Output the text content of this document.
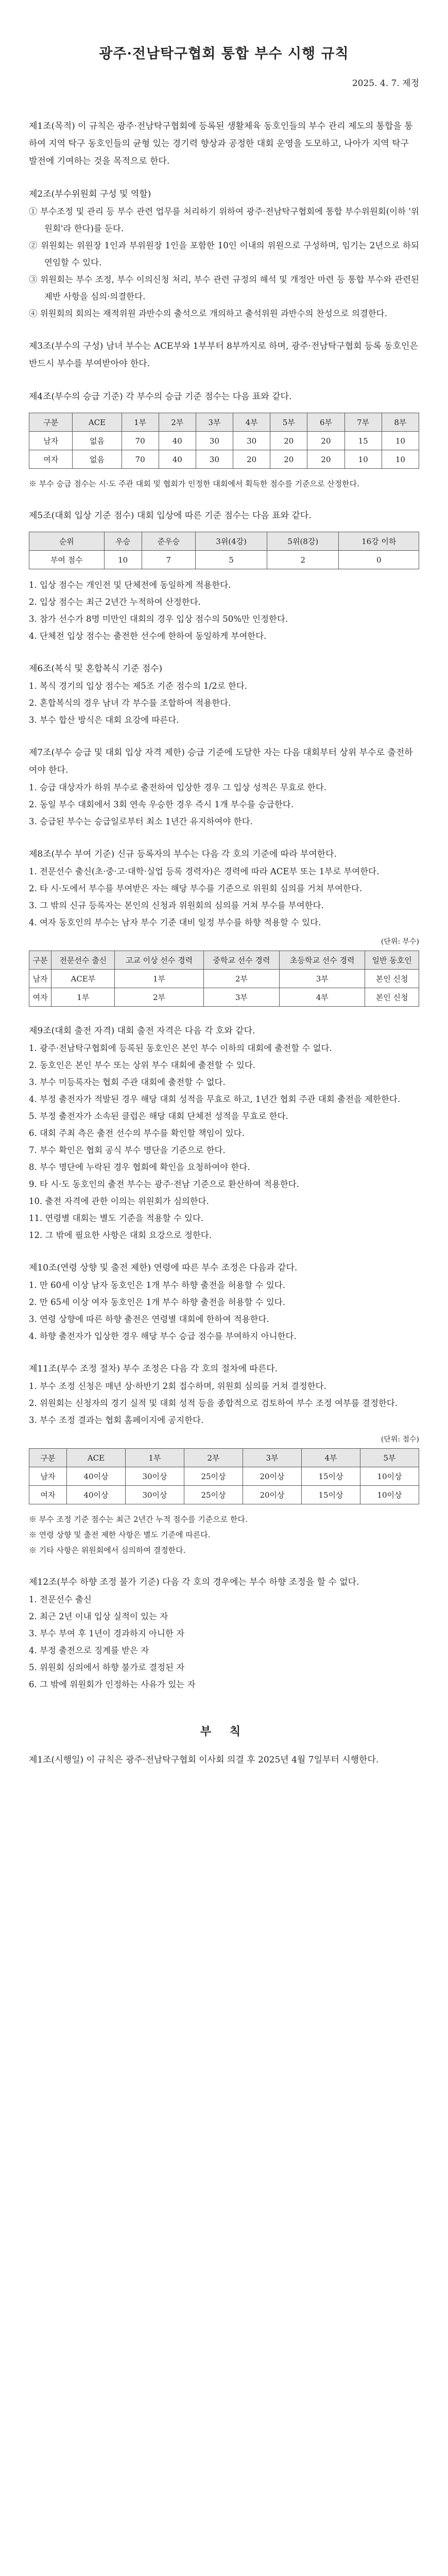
광주·전남탁구협회 통합 부수 시행 규칙
2025. 4. 7. 제정
제1조(목적) 이 규칙은 광주·전남탁구협회에 등록된 생활체육 동호인들의 부수 관리 제도의 통합을 통하여 지역 탁구 동호인들의 균형 있는 경기력 향상과 공정한 대회 운영을 도모하고, 나아가 지역 탁구 발전에 기여하는 것을 목적으로 한다.
제2조(부수위원회 구성 및 역할)
① 부수조정 및 관리 등 부수 관련 업무를 처리하기 위하여 광주·전남탁구협회에 통합 부수위원회(이하 '위원회'라 한다)를 둔다.
② 위원회는 위원장 1인과 부위원장 1인을 포함한 10인 이내의 위원으로 구성하며, 임기는 2년으로 하되 연임할 수 있다.
③ 위원회는 부수 조정, 부수 이의신청 처리, 부수 관련 규정의 해석 및 개정안 마련 등 통합 부수와 관련된 제반 사항을 심의·의결한다.
④ 위원회의 회의는 재적위원 과반수의 출석으로 개의하고 출석위원 과반수의 찬성으로 의결한다.
제3조(부수의 구성) 남녀 부수는 ACE부와 1부부터 8부까지로 하며, 광주·전남탁구협회 등록 동호인은 반드시 부수를 부여받아야 한다.
제4조(부수의 승급 기준) 각 부수의 승급 기준 점수는 다음 표와 같다.
구분	ACE	1부	2부	3부	4부	5부	6부	7부	8부
남자	없음	70	40	30	30	20	20	15	10
여자	없음	70	40	30	20	20	20	10	10
※ 부수 승급 점수는 시·도 주관 대회 및 협회가 인정한 대회에서 획득한 점수를 기준으로 산정한다.
제5조(대회 입상 기준 점수) 대회 입상에 따른 기준 점수는 다음 표와 같다.
순위	우승	준우승	3위(4강)	5위(8강)	16강 이하
부여 점수	10	7	5	2	0
1. 입상 점수는 개인전 및 단체전에 동일하게 적용한다.
2. 입상 점수는 최근 2년간 누적하여 산정한다.
3. 참가 선수가 8명 미만인 대회의 경우 입상 점수의 50%만 인정한다.
4. 단체전 입상 점수는 출전한 선수에 한하여 동일하게 부여한다.
제6조(복식 및 혼합복식 기준 점수)
1. 복식 경기의 입상 점수는 제5조 기준 점수의 1/2로 한다.
2. 혼합복식의 경우 남녀 각 부수를 조합하여 적용한다.
3. 부수 합산 방식은 대회 요강에 따른다.
제7조(부수 승급 및 대회 입상 자격 제한) 승급 기준에 도달한 자는 다음 대회부터 상위 부수로 출전하여야 한다.
1. 승급 대상자가 하위 부수로 출전하여 입상한 경우 그 입상 성적은 무효로 한다.
2. 동일 부수 대회에서 3회 연속 우승한 경우 즉시 1개 부수를 승급한다.
3. 승급된 부수는 승급일로부터 최소 1년간 유지하여야 한다.
제8조(부수 부여 기준) 신규 등록자의 부수는 다음 각 호의 기준에 따라 부여한다.
1. 전문선수 출신(초·중·고·대학·실업 등록 경력자)은 경력에 따라 ACE부 또는 1부로 부여한다.
2. 타 시·도에서 부수를 부여받은 자는 해당 부수를 기준으로 위원회 심의를 거쳐 부여한다.
3. 그 밖의 신규 등록자는 본인의 신청과 위원회의 심의를 거쳐 부수를 부여한다.
4. 여자 동호인의 부수는 남자 부수 기준 대비 일정 부수를 하향 적용할 수 있다.
(단위: 부수)
구분	전문선수 출신	고교 이상 선수 경력	중학교 선수 경력	초등학교 선수 경력	일반 동호인
남자	ACE부	1부	2부	3부	본인 신청
여자	1부	2부	3부	4부	본인 신청
제9조(대회 출전 자격) 대회 출전 자격은 다음 각 호와 같다.
1. 광주·전남탁구협회에 등록된 동호인은 본인 부수 이하의 대회에 출전할 수 없다.
2. 동호인은 본인 부수 또는 상위 부수 대회에 출전할 수 있다.
3. 부수 미등록자는 협회 주관 대회에 출전할 수 없다.
4. 부정 출전자가 적발된 경우 해당 대회 성적을 무효로 하고, 1년간 협회 주관 대회 출전을 제한한다.
5. 부정 출전자가 소속된 클럽은 해당 대회 단체전 성적을 무효로 한다.
6. 대회 주최 측은 출전 선수의 부수를 확인할 책임이 있다.
7. 부수 확인은 협회 공식 부수 명단을 기준으로 한다.
8. 부수 명단에 누락된 경우 협회에 확인을 요청하여야 한다.
9. 타 시·도 동호인의 출전 부수는 광주·전남 기준으로 환산하여 적용한다.
10. 출전 자격에 관한 이의는 위원회가 심의한다.
11. 연령별 대회는 별도 기준을 적용할 수 있다.
12. 그 밖에 필요한 사항은 대회 요강으로 정한다.
제10조(연령 상향 및 출전 제한) 연령에 따른 부수 조정은 다음과 같다.
1. 만 60세 이상 남자 동호인은 1개 부수 하향 출전을 허용할 수 있다.
2. 만 65세 이상 여자 동호인은 1개 부수 하향 출전을 허용할 수 있다.
3. 연령 상향에 따른 하향 출전은 연령별 대회에 한하여 적용한다.
4. 하향 출전자가 입상한 경우 해당 부수 승급 점수를 부여하지 아니한다.
제11조(부수 조정 절차) 부수 조정은 다음 각 호의 절차에 따른다.
1. 부수 조정 신청은 매년 상·하반기 2회 접수하며, 위원회 심의를 거쳐 결정한다.
2. 위원회는 신청자의 경기 실적 및 대회 성적 등을 종합적으로 검토하여 부수 조정 여부를 결정한다.
3. 부수 조정 결과는 협회 홈페이지에 공지한다.
(단위: 점수)
구분	ACE	1부	2부	3부	4부	5부
남자	40이상	30이상	25이상	20이상	15이상	10이상
여자	40이상	30이상	25이상	20이상	15이상	10이상
※ 부수 조정 기준 점수는 최근 2년간 누적 점수를 기준으로 한다.
※ 연령 상향 및 출전 제한 사항은 별도 기준에 따른다.
※ 기타 사항은 위원회에서 심의하여 결정한다.
제12조(부수 하향 조정 불가 기준) 다음 각 호의 경우에는 부수 하향 조정을 할 수 없다.
1. 전문선수 출신
2. 최근 2년 이내 입상 실적이 있는 자
3. 부수 부여 후 1년이 경과하지 아니한 자
4. 부정 출전으로 징계를 받은 자
5. 위원회 심의에서 하향 불가로 결정된 자
6. 그 밖에 위원회가 인정하는 사유가 있는 자
부 칙
제1조(시행일) 이 규칙은 광주·전남탁구협회 이사회 의결 후 2025년 4월 7일부터 시행한다.
